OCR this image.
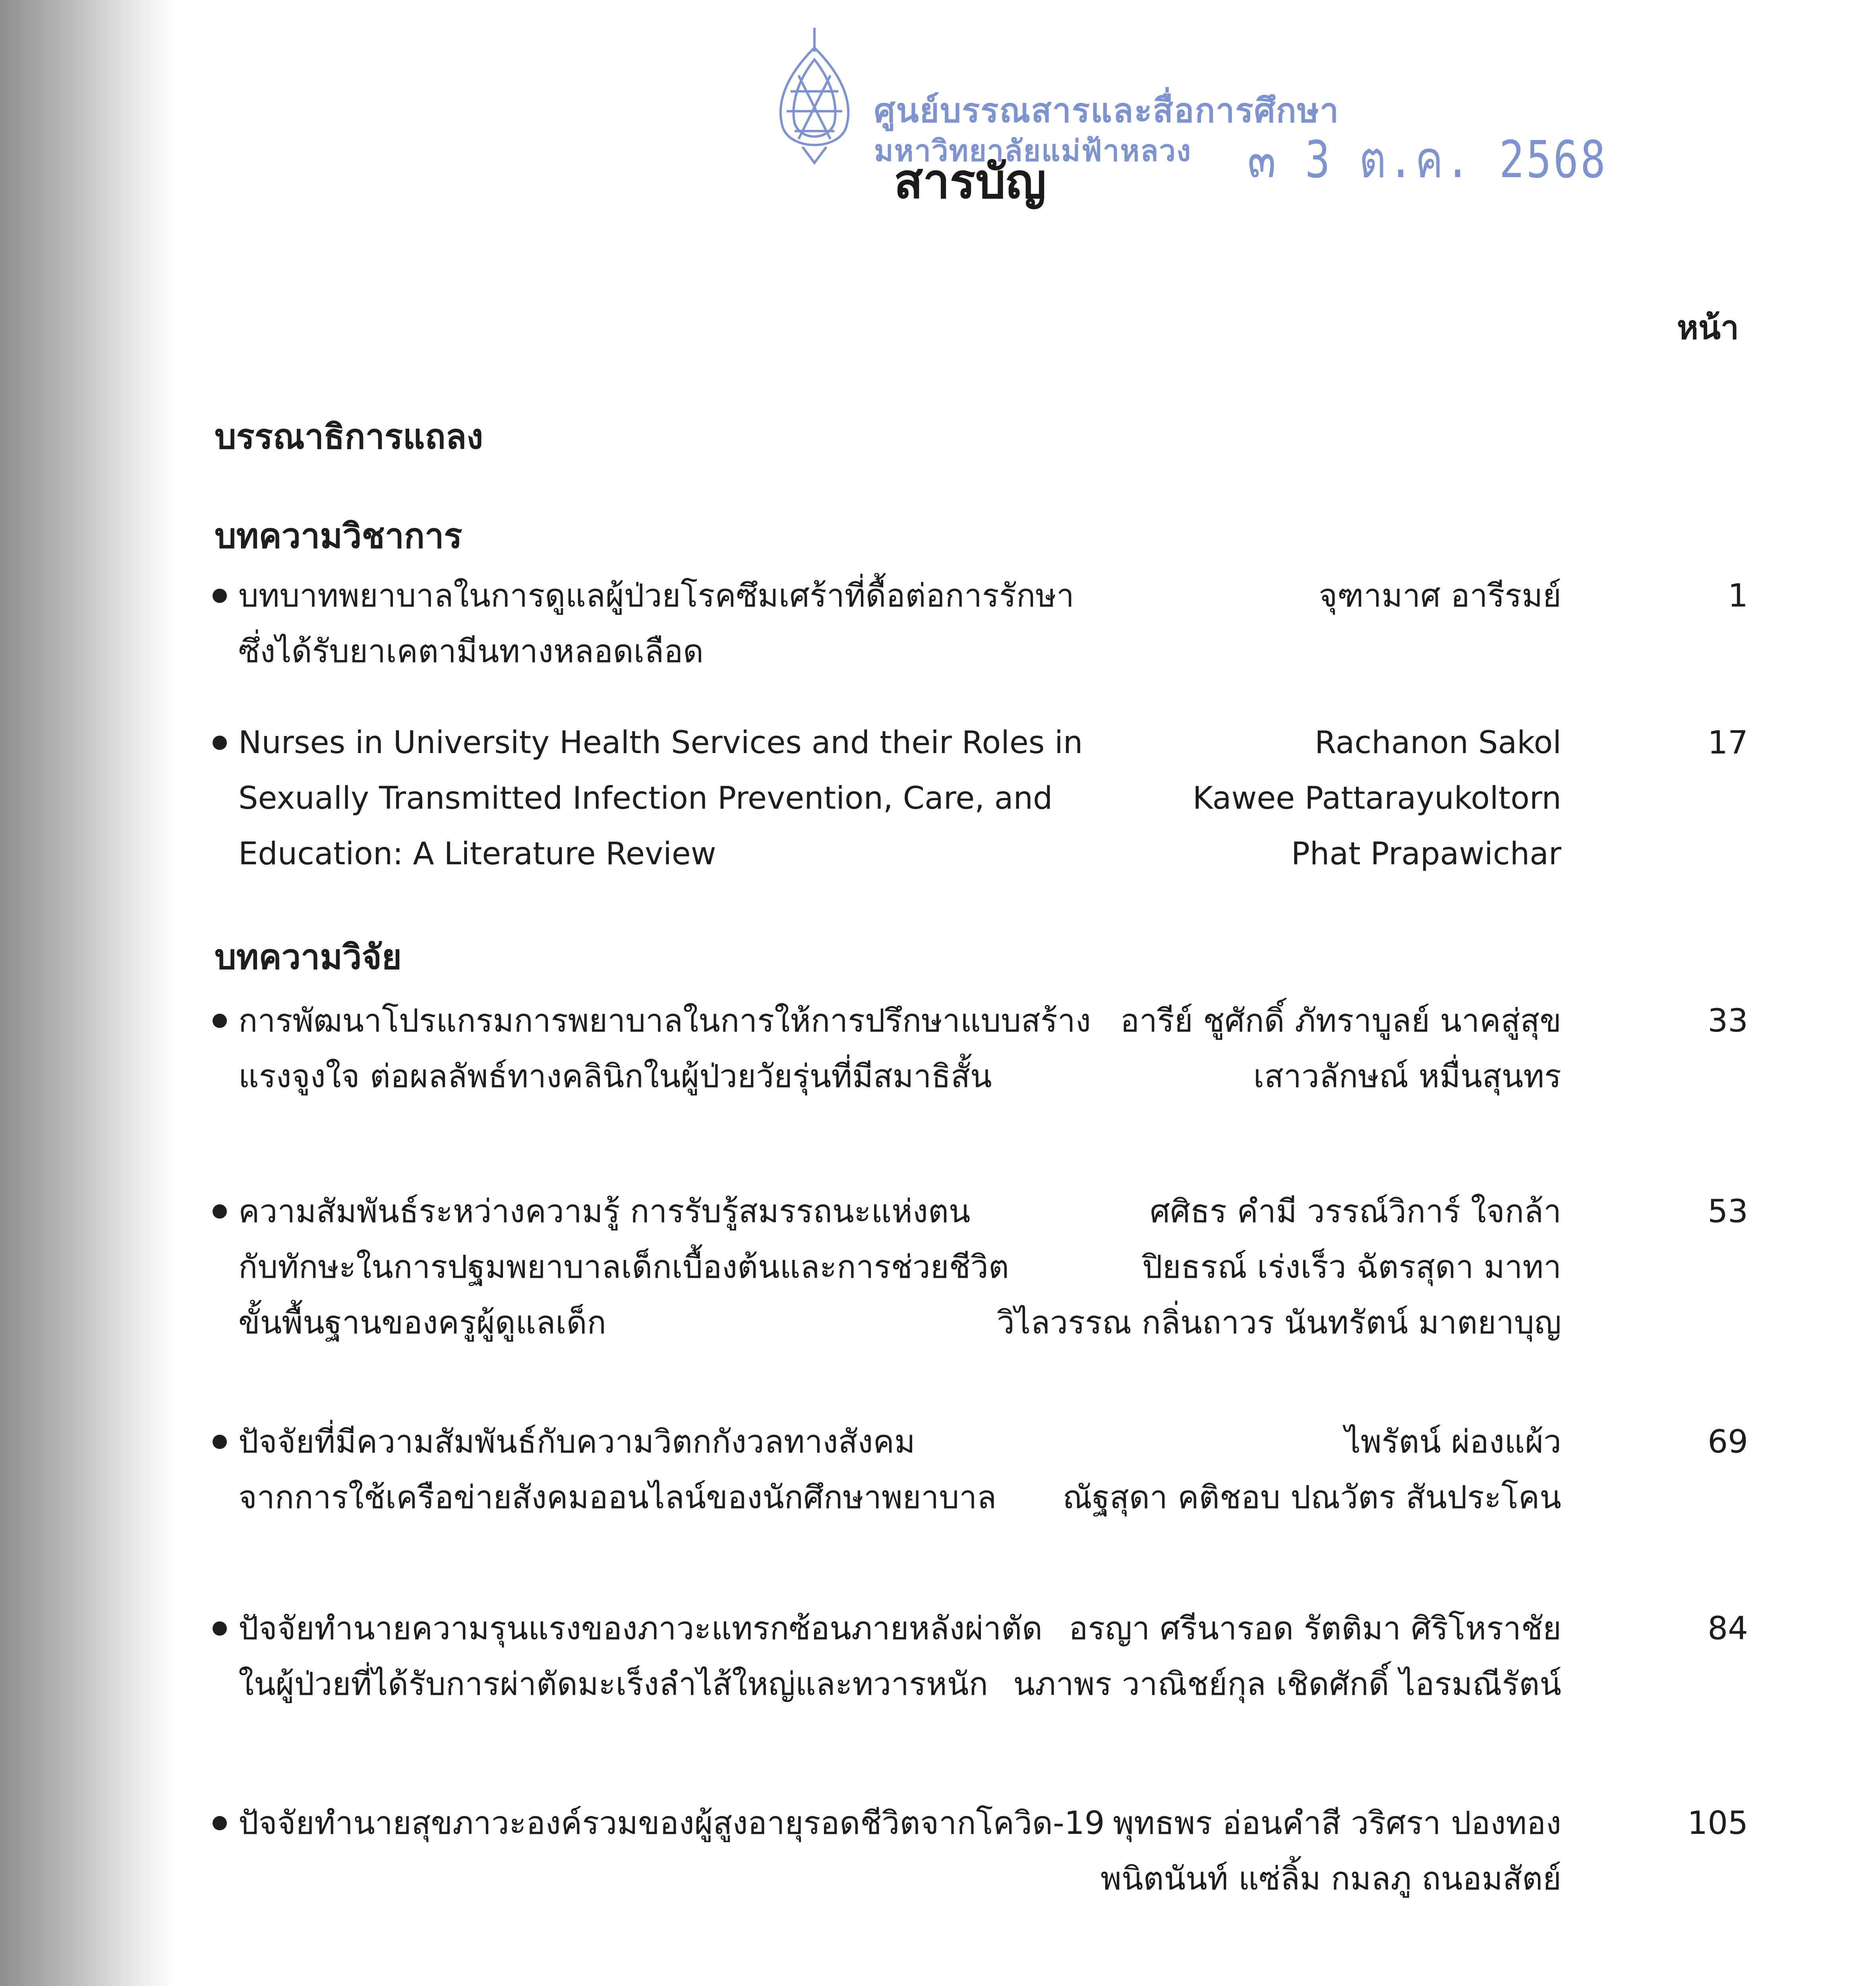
ศูนย์บรรณสารและสื่อการศึกษา
มหาวิทยาลัยแม่ฟ้าหลวง ๓ 3 ต.ค. 2568
สารบัญ
หน้า
บรรณาธิการแถลง
บทความวิชาการ
บทบาทพยาบาลในการดูแลผู้ป่วยโรคซึมเศร้าที่ดื้อต่อการรักษา
ซึ่งได้รับยาเคตามีนทางหลอดเลือด
จุฑามาศ อารีรมย์	1
Nurses in University Health Services and their Roles in
Sexually Transmitted Infection Prevention, Care, and
Education: A Literature Review
Rachanon Sakol
Kawee Pattarayukoltorn
Phat Prapawichar
17
บทความวิจัย
การพัฒนาโปรแกรมการพยาบาลในการให้การปรึกษาแบบสร้าง
แรงจูงใจ ต่อผลลัพธ์ทางคลินิกในผู้ป่วยวัยรุ่นที่มีสมาธิสั้น
อารีย์ ชูศักดิ์ ภัทราบูลย์ นาคสู่สุข
เสาวลักษณ์ หมื่นสุนทร
33
ความสัมพันธ์ระหว่างความรู้ การรับรู้สมรรถนะแห่งตน
กับทักษะในการปฐมพยาบาลเด็กเบื้องต้นและการช่วยชีวิต
ขั้นพื้นฐานของครูผู้ดูแลเด็ก
ศศิธร คำมี วรรณ์วิการ์ ใจกล้า
ปิยธรณ์ เร่งเร็ว ฉัตรสุดา มาทา
วิไลวรรณ กลิ่นถาวร นันทรัตน์ มาตยาบุญ
53
ปัจจัยที่มีความสัมพันธ์กับความวิตกกังวลทางสังคม
จากการใช้เครือข่ายสังคมออนไลน์ของนักศึกษาพยาบาล
ไพรัตน์ ผ่องแผ้ว
ณัฐสุดา คติชอบ ปณวัตร สันประโคน
69
ปัจจัยทำนายความรุนแรงของภาวะแทรกซ้อนภายหลังผ่าตัด
ในผู้ป่วยที่ได้รับการผ่าตัดมะเร็งลำไส้ใหญ่และทวารหนัก
อรญา ศรีนารอด รัตติมา ศิริโหราชัย
นภาพร วาณิชย์กุล เชิดศักดิ์ ไอรมณีรัตน์
84
ปัจจัยทำนายสุขภาวะองค์รวมของผู้สูงอายุรอดชีวิตจากโควิด-19 พุทธพร อ่อนคำสี วริศรา ปองทอง
พนิตนันท์ แซ่ลิ้ม กมลภู ถนอมสัตย์
105
